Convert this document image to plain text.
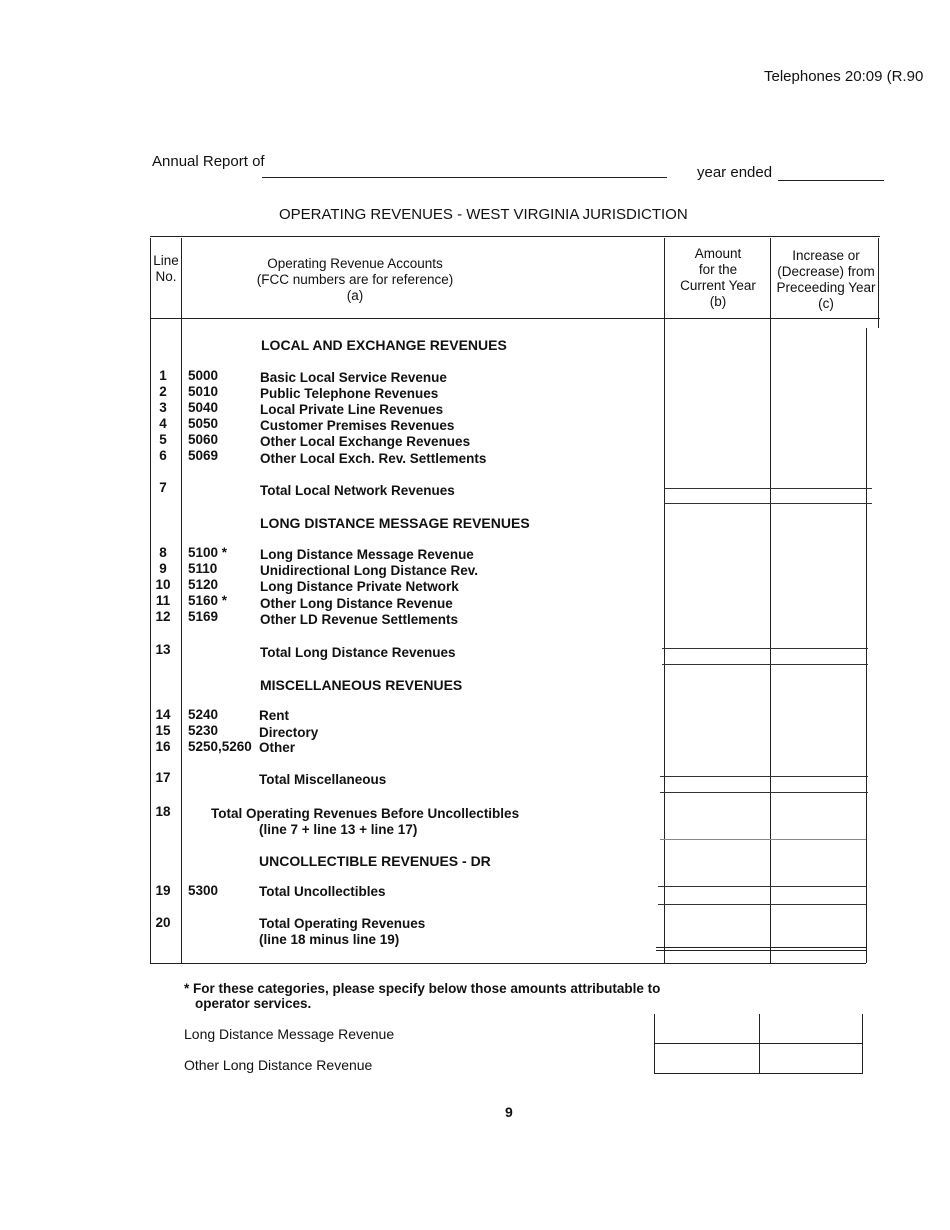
Telephones 20:09 (R.90
Annual Report of
year ended
OPERATING REVENUES - WEST VIRGINIA JURISDICTION
Line
No.
Operating Revenue Accounts
(FCC numbers are for reference)
(a)
Amount
for the
Current Year
(b)
Increase or
(Decrease) from
Preceeding Year
(c)
LOCAL AND EXCHANGE REVENUES
LONG DISTANCE MESSAGE REVENUES
MISCELLANEOUS REVENUES
UNCOLLECTIBLE REVENUES - DR
1	5000	Basic Local Service Revenue
2	5010	Public Telephone Revenues
3	5040	Local Private Line Revenues
4	5050	Customer Premises Revenues
5	5060	Other Local Exchange Revenues
6	5069	Other Local Exch. Rev. Settlements
7	Total Local Network Revenues
8	5100 * Long Distance Message Revenue
9	5110	Unidirectional Long Distance Rev.
10	5120	Long Distance Private Network
11	5160 * Other Long Distance Revenue
12	5169	Other LD Revenue Settlements
13	Total Long Distance Revenues
14	5240	Rent
15	5230	Directory
16	5250,5260 Other
17	Total Miscellaneous
18	Total Operating Revenues Before Uncollectibles
(line 7 + line 13 + line 17)
19	5300	Total Uncollectibles
20	Total Operating Revenues
(line 18 minus line 19)
* For these categories, please specify below those amounts attributable to
operator services.
Long Distance Message Revenue
Other Long Distance Revenue
9
